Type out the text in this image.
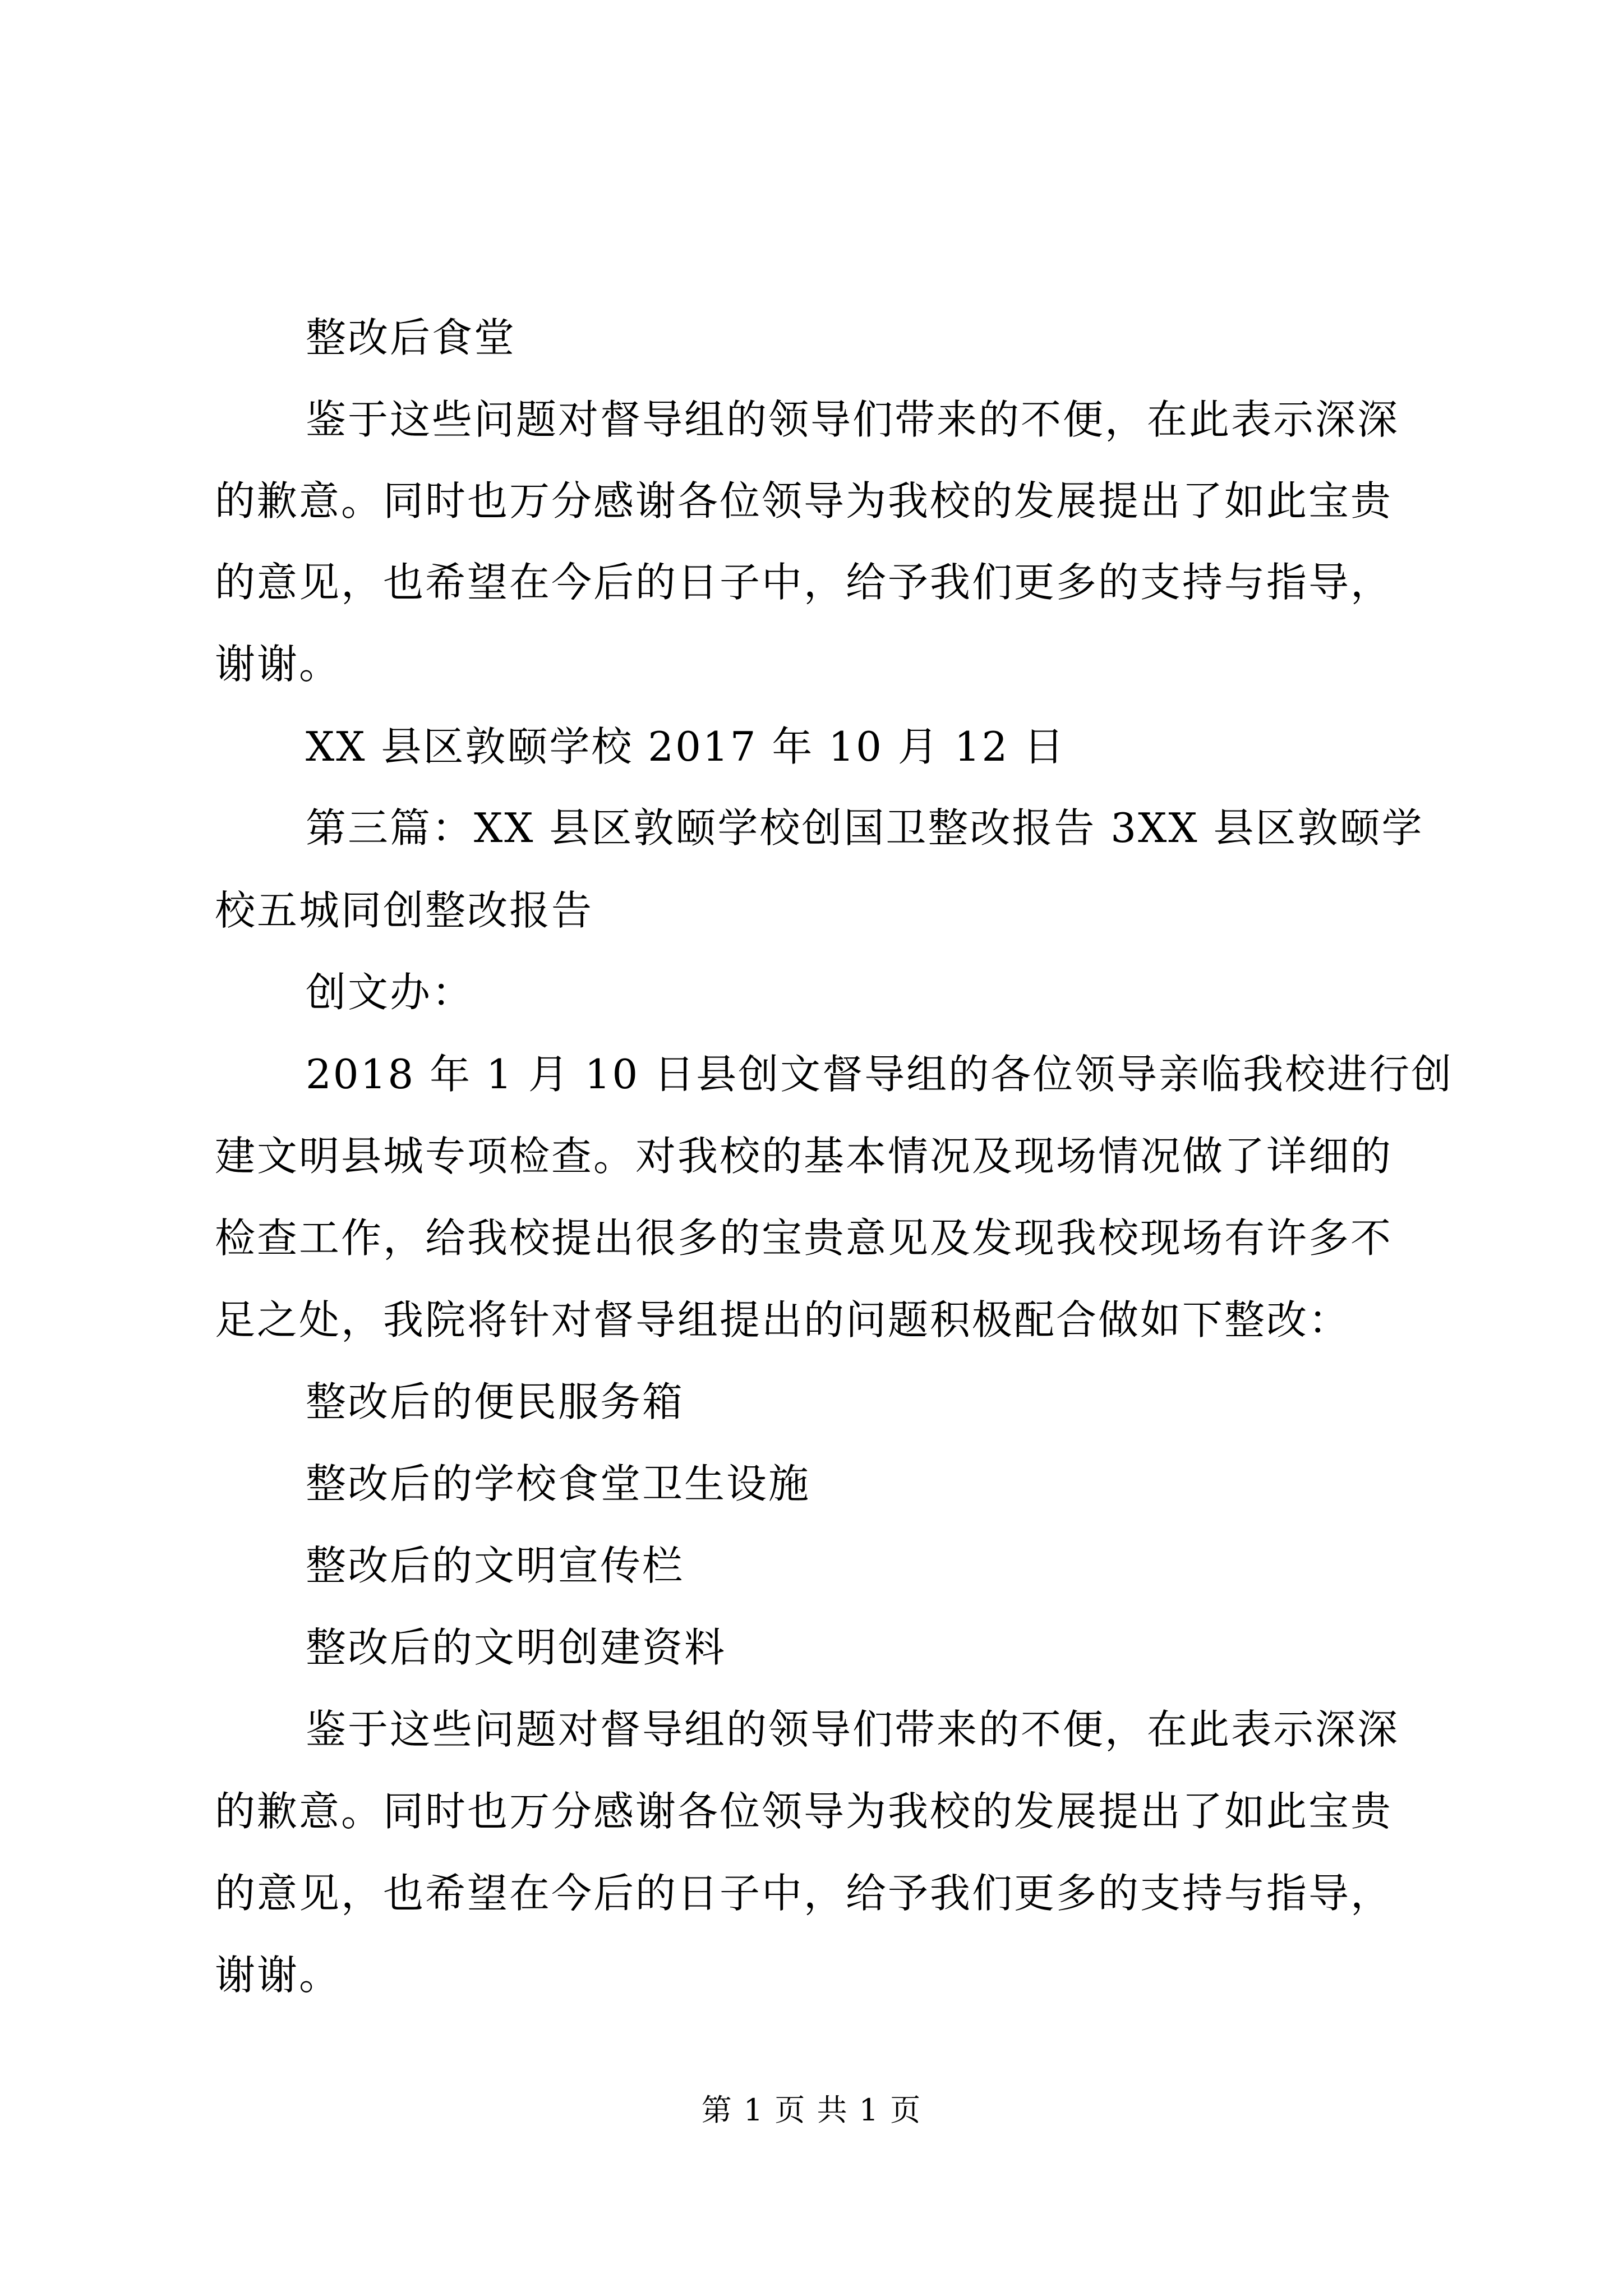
整改后食堂
鉴于这些问题对督导组的领导们带来的不便，在此表示深深
的歉意。同时也万分感谢各位领导为我校的发展提出了如此宝贵
的意见，也希望在今后的日子中，给予我们更多的支持与指导，
谢谢。
XX 县区敦颐学校 2017 年 10 月 12 日
第三篇：XX 县区敦颐学校创国卫整改报告 3XX 县区敦颐学
校五城同创整改报告
创文办：
2018 年 1 月 10 日县创文督导组的各位领导亲临我校进行创
建文明县城专项检查。对我校的基本情况及现场情况做了详细的
检查工作，给我校提出很多的宝贵意见及发现我校现场有许多不
足之处，我院将针对督导组提出的问题积极配合做如下整改：
整改后的便民服务箱
整改后的学校食堂卫生设施
整改后的文明宣传栏
整改后的文明创建资料
鉴于这些问题对督导组的领导们带来的不便，在此表示深深
的歉意。同时也万分感谢各位领导为我校的发展提出了如此宝贵
的意见，也希望在今后的日子中，给予我们更多的支持与指导，
谢谢。
第 1 页 共 1 页
